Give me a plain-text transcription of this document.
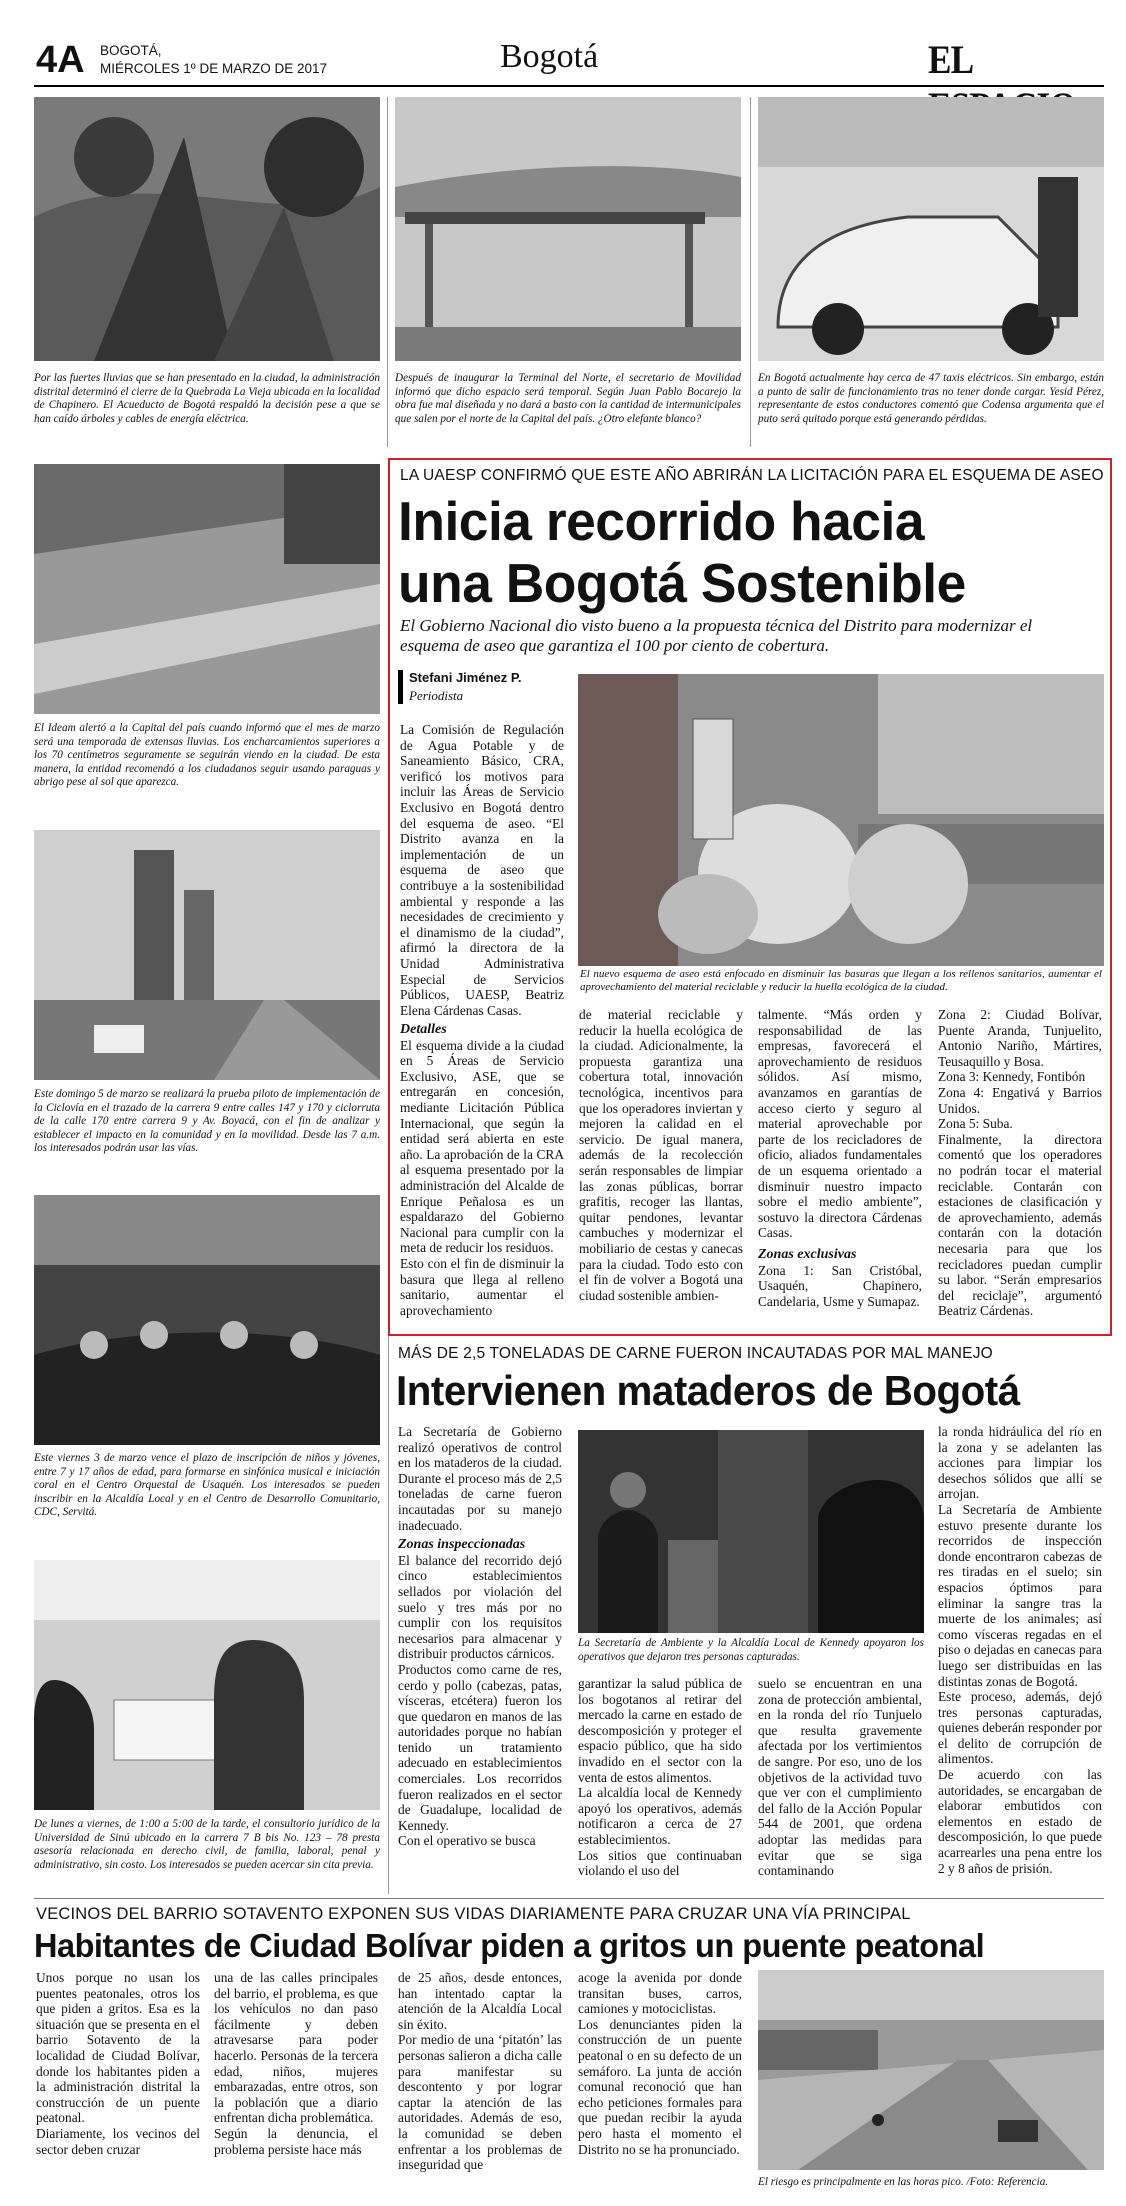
4A BOGOTÁ,
MIÉRCOLES 1º DE MARZO DE 2017	Bogotá	EL
Por las fuertes lluvias que se han presentado en la ciudad, la administración distrital determinó el cierre de la Quebrada La Vieja ubicada en la localidad de Chapinero. El Acueducto de Bogotá respaldó la decisión pese a que se han caído árboles y cables de energía eléctrica.
Después de inaugurar la Terminal del Norte, el secretario de Movilidad informó que dicho espacio será temporal. Según Juan Pablo Bocarejo la obra fue mal diseñada y no dará a basto con la cantidad de intermunicipales que salen por el norte de la Capital del país. ¿Otro elefante blanco?
En Bogotá actualmente hay cerca de 47 taxis eléctricos. Sin embargo, están a punto de salir de funcionamiento tras no tener donde cargar. Yesid Pérez, representante de estos conductores comentó que Codensa argumenta que el puto será quitado porque está generando pérdidas.
El Ideam alertó a la Capital del país cuando informó que el mes de marzo será una temporada de extensas lluvias. Los encharcamientos superiores a los 70 centímetros seguramente se seguirán viendo en la ciudad. De esta manera, la entidad recomendó a los ciudadanos seguir usando paraguas y abrigo pese al sol que aparezca.
Este domingo 5 de marzo se realizará la prueba piloto de implementación de la Ciclovía en el trazado de la carrera 9 entre calles 147 y 170 y ciclorruta de la calle 170 entre carrera 9 y Av. Boyacá, con el fin de analizar y establecer el impacto en la comunidad y en la movilidad. Desde las 7 a.m. los interesados podrán usar las vías.
Este viernes 3 de marzo vence el plazo de inscripción de niños y jóvenes, entre 7 y 17 años de edad, para formarse en sinfónica musical e iniciación coral en el Centro Orquestal de Usaquén. Los interesados se pueden inscribir en la Alcaldía Local y en el Centro de Desarrollo Comunitario, CDC, Servitá.
De lunes a viernes, de 1:00 a 5:00 de la tarde, el consultorio jurídico de la Universidad de Sinú ubicado en la carrera 7 B bis No. 123 – 78 presta asesoría relacionada en derecho civil, de familia, laboral, penal y administrativo, sin costo. Los interesados se pueden acercar sin cita previa.
LA UAESP CONFIRMÓ QUE ESTE AÑO ABRIRÁN LA LICITACIÓN PARA EL ESQUEMA DE ASEO
Inicia recorrido hacia
una Bogotá Sostenible
El Gobierno Nacional dio visto bueno a la propuesta técnica del Distrito para modernizar el esquema de aseo que garantiza el 100 por ciento de cobertura.
Stefani Jiménez P.
Periodista

La Comisión de Regulación de Agua Potable y de Saneamiento Básico, CRA, verificó los motivos para incluir las Áreas de Servicio Exclusivo en Bogotá dentro del esquema de aseo. “El Distrito avanza en la implementación de un esquema de aseo que contribuye a la sostenibilidad ambiental y responde a las necesidades de crecimiento y el dinamismo de la ciudad”, afirmó la directora de la Unidad Administrativa Especial de Servicios Públicos, UAESP, Beatriz Elena Cárdenas Casas.

El nuevo esquema de aseo está enfocado en disminuir las basuras que llegan a los rellenos sanitarios, aumentar el aprovechamiento del material reciclable y reducir la huella ecológica de la ciudad.

Detalles

El esquema divide a la ciudad en 5 Áreas de Servicio Exclusivo, ASE, que se entregarán en concesión, mediante Licitación Pública Internacional, que según la entidad será abierta en este año. La aprobación de la CRA al esquema presentado por la administración del Alcalde de Enrique Peñalosa es un espaldarazo del Gobierno Nacional para cumplir con la meta de reducir los residuos.

Esto con el fin de disminuir la basura que llega al relleno sanitario, aumentar el aprovechamiento

de material reciclable y reducir la huella ecológica de la ciudad. Adicionalmente, la propuesta garantiza una cobertura total, innovación tecnológica, incentivos para que los operadores inviertan y mejoren la calidad en el servicio. De igual manera, además de la recolección serán responsables de limpiar las zonas públicas, borrar grafitis, recoger las llantas, quitar pendones, levantar cambuches y modernizar el mobiliario de cestas y canecas para la ciudad. Todo esto con el fin de volver a Bogotá una ciudad sostenible ambien-

talmente. “Más orden y responsabilidad de las empresas, favorecerá el aprovechamiento de residuos sólidos. Así mismo, avanzamos en garantías de acceso cierto y seguro al material aprovechable por parte de los recicladores de oficio, aliados fundamentales de un esquema orientado a disminuir nuestro impacto sobre el medio ambiente”, sostuvo la directora Cárdenas Casas.

Zonas exclusivas

Zona 1: San Cristóbal, Usaquén, Chapinero, Candelaria, Usme y Sumapaz.

Zona 2: Ciudad Bolívar, Puente Aranda, Tunjuelito, Antonio Nariño, Mártires, Teusaquillo y Bosa.

Zona 3: Kennedy, Fontibón

Zona 4: Engativá y Barrios Unidos.

Zona 5: Suba.

Finalmente, la directora comentó que los operadores no podrán tocar el material reciclable. Contarán con estaciones de clasificación y de aprovechamiento, además contarán con la dotación necesaria para que los recicladores puedan cumplir su labor. “Serán empresarios del reciclaje”, argumentó Beatriz Cárdenas.

MÁS DE 2,5 TONELADAS DE CARNE FUERON INCAUTADAS POR MAL MANEJO
Intervienen mataderos de Bogotá

La Secretaría de Gobierno realizó operativos de control en los mataderos de la ciudad. Durante el proceso más de 2,5 toneladas de carne fueron incautadas por su manejo inadecuado.

Zonas inspeccionadas

El balance del recorrido dejó cinco establecimientos sellados por violación del suelo y tres más por no cumplir con los requisitos necesarios para almacenar y distribuir productos cárnicos.

Productos como carne de res, cerdo y pollo (cabezas, patas, vísceras, etcétera) fueron los que quedaron en manos de las autoridades porque no habían tenido un tratamiento adecuado en establecimientos comerciales. Los recorridos fueron realizados en el sector de Guadalupe, localidad de Kennedy.

Con el operativo se busca

La Secretaría de Ambiente y la Alcaldía Local de Kennedy apoyaron los operativos que dejaron tres personas capturadas.

garantizar la salud pública de los bogotanos al retirar del mercado la carne en estado de descomposición y proteger el espacio público, que ha sido invadido en el sector con la venta de estos alimentos.

La alcaldía local de Kennedy apoyó los operativos, además notificaron a cerca de 27 establecimientos.

Los sitios que continuaban violando el uso del

suelo se encuentran en una zona de protección ambiental, en la ronda del río Tunjuelo que resulta gravemente afectada por los vertimientos de sangre. Por eso, uno de los objetivos de la actividad tuvo que ver con el cumplimiento del fallo de la Acción Popular 544 de 2001, que ordena adoptar las medidas para evitar que se siga contaminando

la ronda hidráulica del río en la zona y se adelanten las acciones para limpiar los desechos sólidos que allí se arrojan.

La Secretaría de Ambiente estuvo presente durante los recorridos de inspección donde encontraron cabezas de res tiradas en el suelo; sin espacios óptimos para eliminar la sangre tras la muerte de los animales; así como vísceras regadas en el piso o dejadas en canecas para luego ser distribuidas en las distintas zonas de Bogotá.

Este proceso, además, dejó tres personas capturadas, quienes deberán responder por el delito de corrupción de alimentos.

De acuerdo con las autoridades, se encargaban de elaborar embutidos con elementos en estado de descomposición, lo que puede acarrearles una pena entre los 2 y 8 años de prisión.

VECINOS DEL BARRIO SOTAVENTO EXPONEN SUS VIDAS DIARIAMENTE PARA CRUZAR UNA VÍA PRINCIPAL
Habitantes de Ciudad Bolívar piden a gritos un puente peatonal

Unos porque no usan los puentes peatonales, otros los que piden a gritos. Esa es la situación que se presenta en el barrio Sotavento de la localidad de Ciudad Bolívar, donde los habitantes piden a la administración distrital la construcción de un puente peatonal.

Diariamente, los vecinos del sector deben cruzar

una de las calles principales del barrio, el problema, es que los vehículos no dan paso fácilmente y deben atravesarse para poder hacerlo. Personas de la tercera edad, niños, mujeres embarazadas, entre otros, son la población que a diario enfrentan dicha problemática.

Según la denuncia, el problema persiste hace más

de 25 años, desde entonces, han intentado captar la atención de la Alcaldía Local sin éxito.

Por medio de una ‘pitatón’ las personas salieron a dicha calle para manifestar su descontento y por lograr captar la atención de las autoridades. Además de eso, la comunidad se deben enfrentar a los problemas de inseguridad que

acoge la avenida por donde transitan buses, carros, camiones y motociclistas.

Los denunciantes piden la construcción de un puente peatonal o en su defecto de un semáforo. La junta de acción comunal reconoció que han echo peticiones formales para que puedan recibir la ayuda pero hasta el momento el Distrito no se ha pronunciado.

El riesgo es principalmente en las horas pico. /Foto: Referencia.
